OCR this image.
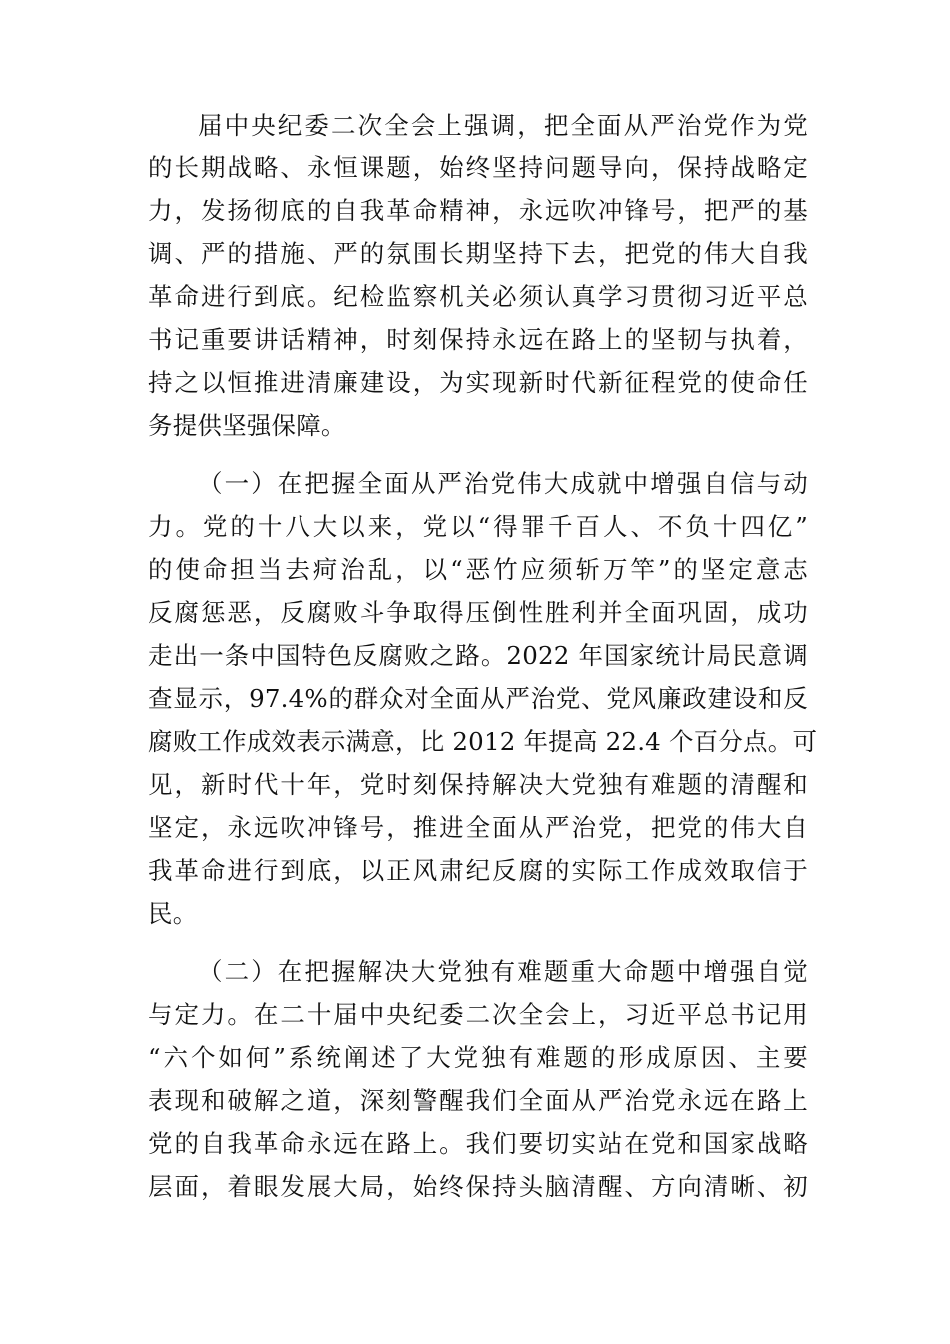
届中央纪委二次全会上强调，把全面从严治党作为党
的长期战略、永恒课题，始终坚持问题导向，保持战略定
力，发扬彻底的自我革命精神，永远吹冲锋号，把严的基
调、严的措施、严的氛围长期坚持下去，把党的伟大自我
革命进行到底。纪检监察机关必须认真学习贯彻习近平总
书记重要讲话精神，时刻保持永远在路上的坚韧与执着，
持之以恒推进清廉建设，为实现新时代新征程党的使命任
务提供坚强保障。
（一）在把握全面从严治党伟大成就中增强自信与动
力。党的十八大以来，党以“得罪千百人、不负十四亿”
的使命担当去疴治乱，以“恶竹应须斩万竿”的坚定意志
反腐惩恶，反腐败斗争取得压倒性胜利并全面巩固，成功
走出一条中国特色反腐败之路。2022 年国家统计局民意调
查显示，97.4%的群众对全面从严治党、党风廉政建设和反
腐败工作成效表示满意，比 2012 年提高 22.4 个百分点。可
见，新时代十年，党时刻保持解决大党独有难题的清醒和
坚定，永远吹冲锋号，推进全面从严治党，把党的伟大自
我革命进行到底，以正风肃纪反腐的实际工作成效取信于
民。
（二）在把握解决大党独有难题重大命题中增强自觉
与定力。在二十届中央纪委二次全会上，习近平总书记用
“六个如何”系统阐述了大党独有难题的形成原因、主要
表现和破解之道，深刻警醒我们全面从严治党永远在路上
党的自我革命永远在路上。我们要切实站在党和国家战略
层面，着眼发展大局，始终保持头脑清醒、方向清晰、初
